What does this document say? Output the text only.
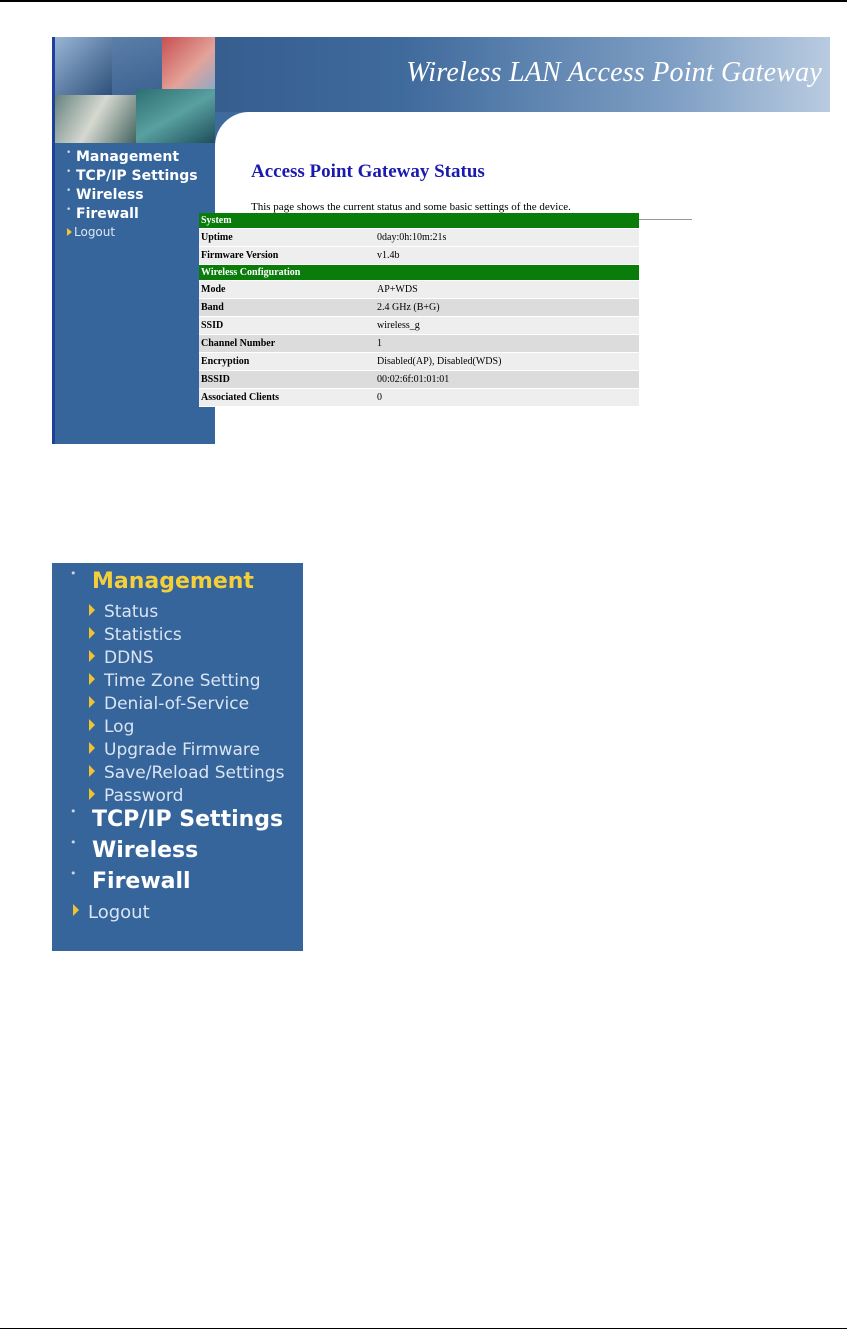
Wireless LAN Access Point Gateway
• Management
• TCP/IP Settings
• Wireless
• Firewall
Logout
Access Point Gateway Status
This page shows the current status and some basic settings of the device.
System	
Uptime	0day:0h:10m:21s
Firmware Version	v1.4b
Wireless Configuration	
Mode	AP+WDS
Band	2.4 GHz (B+G)
SSID	wireless_g
Channel Number	1
Encryption	Disabled(AP), Disabled(WDS)
BSSID	00:02:6f:01:01:01
Associated Clients	0
• Management
Status
Statistics
DDNS
Time Zone Setting
Denial-of-Service
Log
Upgrade Firmware
Save/Reload Settings
Password
• TCP/IP Settings
• Wireless
• Firewall
Logout
